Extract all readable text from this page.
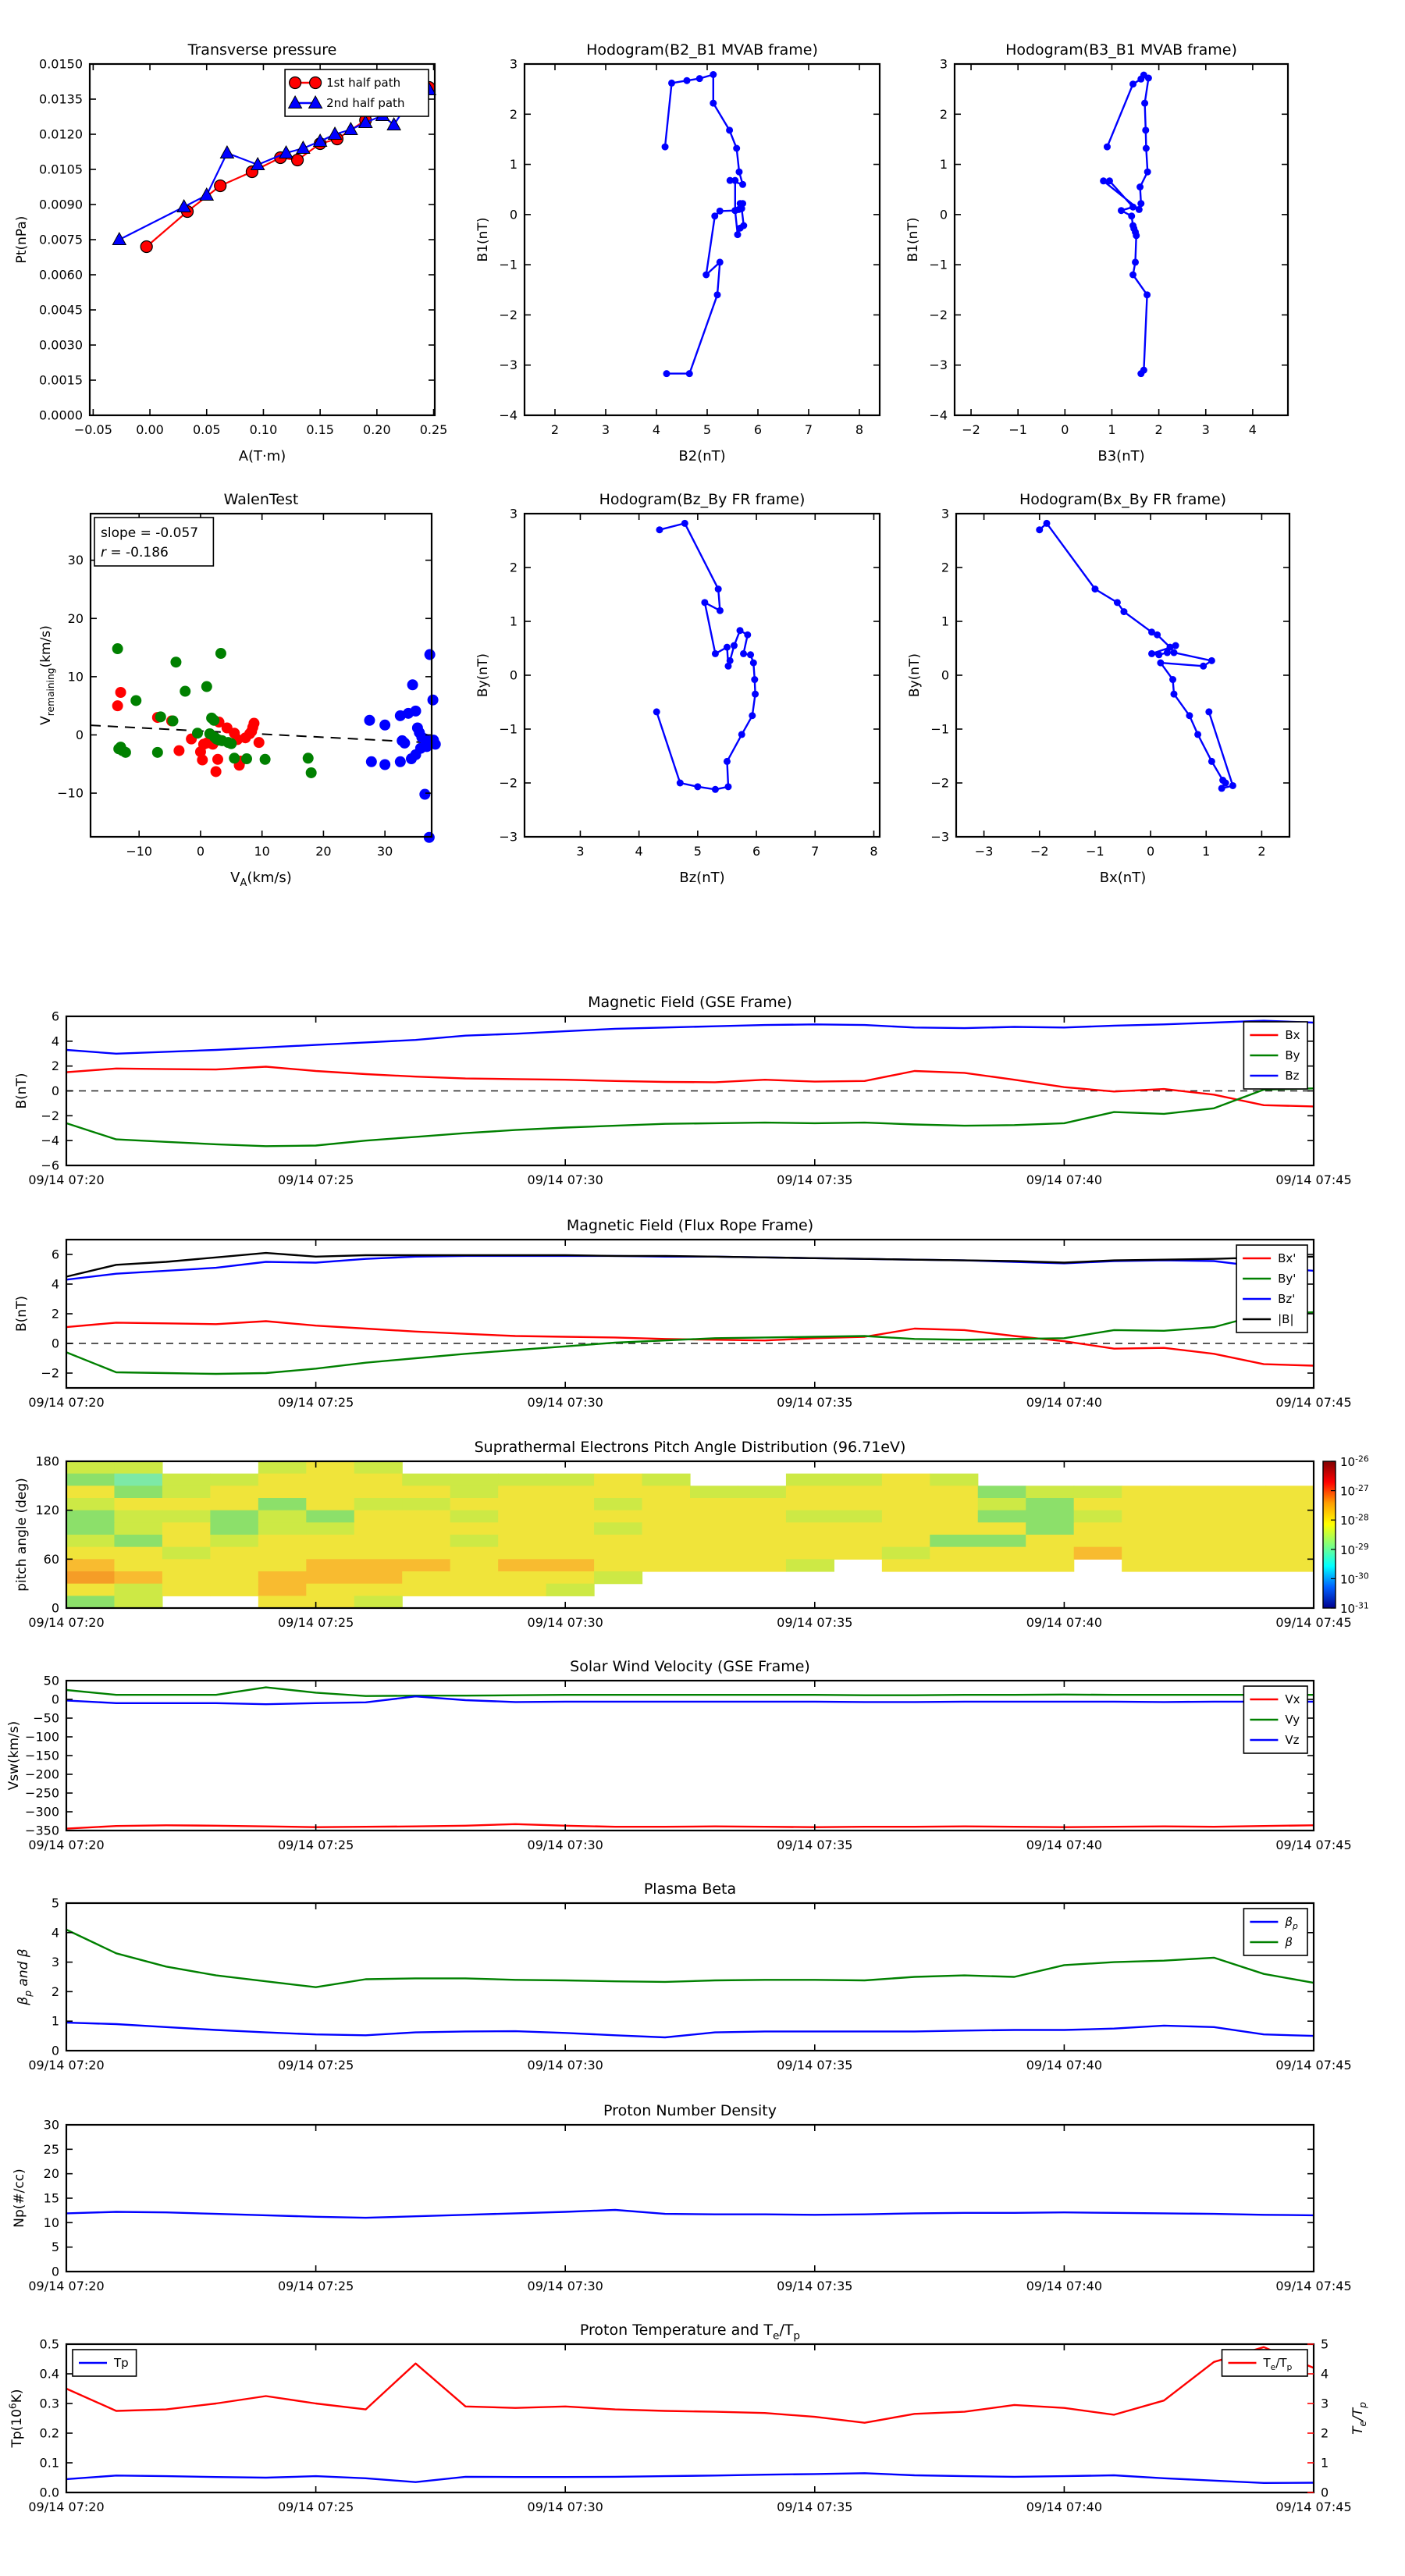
−0.05 0.00 0.05 0.10 0.15 0.20 0.25
0.0000
0.0015
0.0030
0.0045
0.0060
0.0075
0.0090
0.0105
0.0120
0.0135
0.0150
A(T·m)
Pt(nPa)
Transverse pressure
1st half path
2nd half path
2	3	4	5	6	7	8
−4
−3
−2
−1
0
1
2
3
B2(nT)
B1(nT)
Hodogram(B2_B1 MVAB frame)
−2 −1	0	1	2	3	4
−4
−3
−2
−1
0
1
2
3
B3(nT)
B1(nT)
Hodogram(B3_B1 MVAB frame)
−10	0	10	20	30
−10
0
10
20
30
$V_A(km/s)$
$V_{remaining}(km/s)$
WalenTest
slope = -0.057
r = -0.186
3	4	5	6	7	8
−3
−2
−1
0
1
2
3
Bz(nT)
By(nT)
Hodogram(Bz_By FR frame)
−3	−2	−1	0	1	2
−3
−2
−1
0
1
2
3
Bx(nT)
By(nT)
Hodogram(Bx_By FR frame)
09/14 07:20	09/14 07:25	09/14 07:30	09/14 07:35	09/14 07:40	09/14 07:45
−6
−4
−2
0
2
4
6
B(nT)
Magnetic Field (GSE Frame)
Bx
By
Bz
09/14 07:20	09/14 07:25	09/14 07:30	09/14 07:35	09/14 07:40	09/14 07:45
−2
0
2
4
6
B(nT)
Magnetic Field (Flux Rope Frame)
Bx'
By'
Bz'
|B|
09/14 07:20	09/14 07:25	09/14 07:30	09/14 07:35	09/14 07:40	09/14 07:45
0
60
120
180
pitch angle (deg)
Suprathermal Electrons Pitch Angle Distribution (96.71eV)
$10^{-26}$
$10^{-27}$
$10^{-28}$
$10^{-29}$
$10^{-30}$
$10^{-31}$
09/14 07:20	09/14 07:25	09/14 07:30	09/14 07:35	09/14 07:40	09/14 07:45
50
0
−50
−100
−150
−200
−250
−300
−350
Vsw(km/s)
Solar Wind Velocity (GSE Frame)
Vx
Vy
Vz
09/14 07:20	09/14 07:25	09/14 07:30	09/14 07:35	09/14 07:40	09/14 07:45
0
1
2
3
4
5
$\beta_p$ and β
Plasma Beta
$\beta_p$
β
09/14 07:20	09/14 07:25	09/14 07:30	09/14 07:35	09/14 07:40	09/14 07:45
0
5
10
15
20
25
30
Np(#/cc)
Proton Number Density
09/14 07:20	09/14 07:25	09/14 07:30	09/14 07:35	09/14 07:40	09/14 07:45
0.0
0.1
0.2
0.3
0.4
0.5
0
1
2
3
4
5
$T_e/T_p$
$Tp(10^6K)$
Proton Temperature and $T_e/T_p$
Tp	$T_e/T_p$
